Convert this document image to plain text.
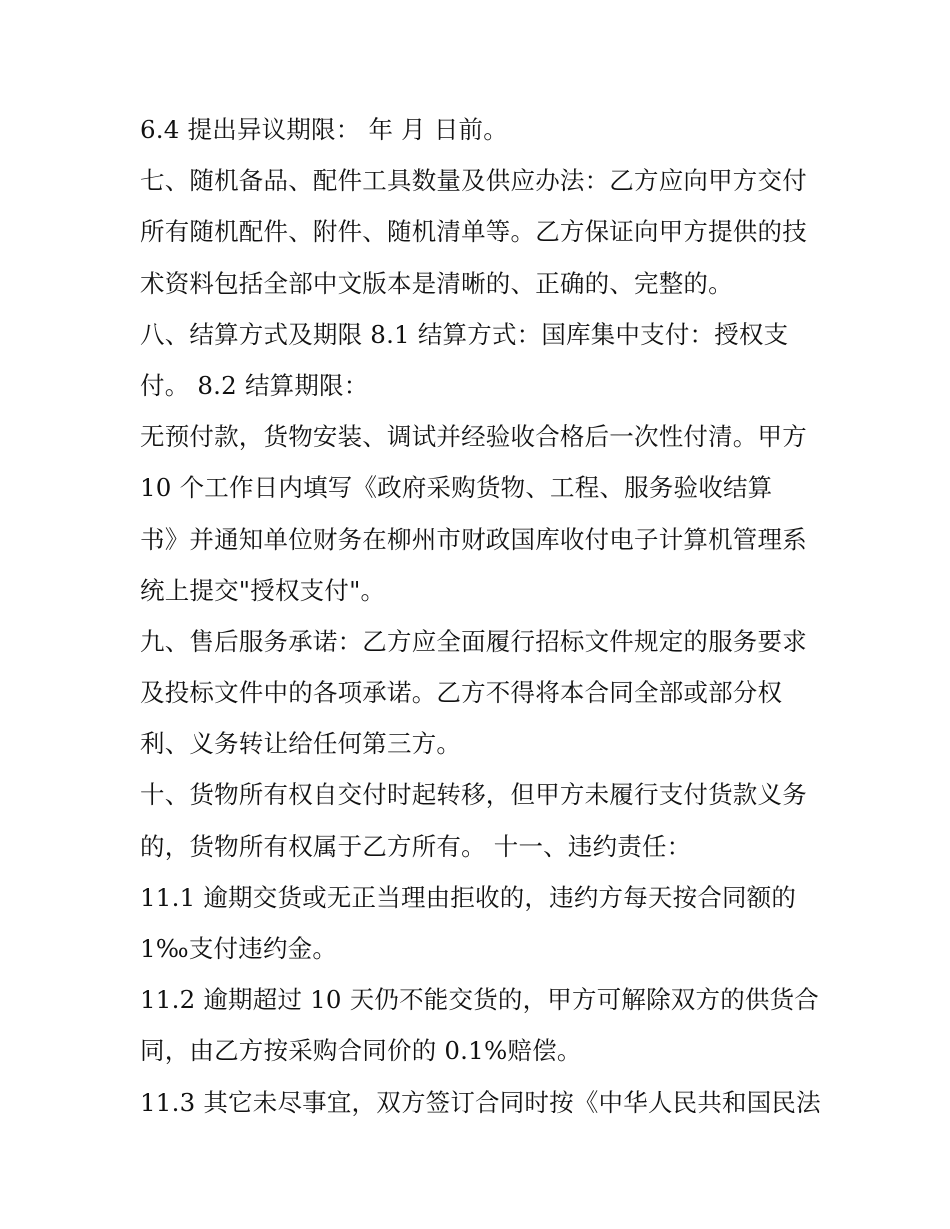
6.4 提出异议期限： 年 月 日前。
七、随机备品、配件工具数量及供应办法：乙方应向甲方交付
所有随机配件、附件、随机清单等。乙方保证向甲方提供的技
术资料包括全部中文版本是清晰的、正确的、完整的。
八、结算方式及期限 8.1 结算方式：国库集中支付：授权支
付。 8.2 结算期限：
无预付款，货物安装、调试并经验收合格后一次性付清。甲方
10 个工作日内填写《政府采购货物、工程、服务验收结算
书》并通知单位财务在柳州市财政国库收付电子计算机管理系
统上提交"授权支付"。
九、售后服务承诺：乙方应全面履行招标文件规定的服务要求
及投标文件中的各项承诺。乙方不得将本合同全部或部分权
利、义务转让给任何第三方。
十、货物所有权自交付时起转移，但甲方未履行支付货款义务
的，货物所有权属于乙方所有。 十一、违约责任：
11.1 逾期交货或无正当理由拒收的，违约方每天按合同额的
1‰支付违约金。
11.2 逾期超过 10 天仍不能交货的，甲方可解除双方的供货合
同，由乙方按采购合同价的 0.1%赔偿。
11.3 其它未尽事宜，双方签订合同时按《中华人民共和国民法
